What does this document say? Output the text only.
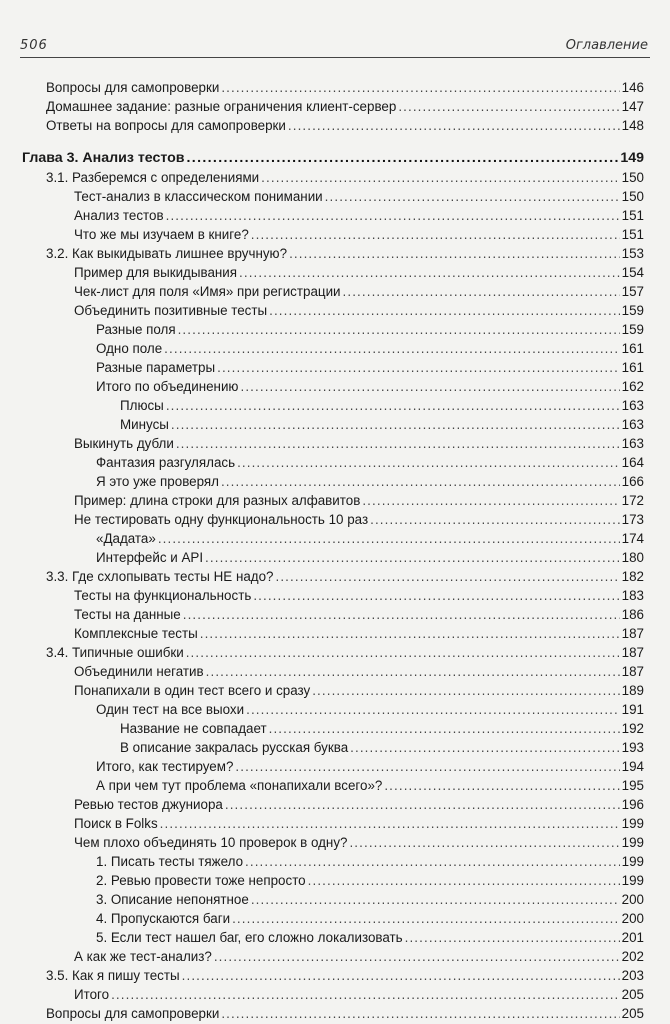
506	Оглавление
Вопросы для самопроверки . . .	146
Домашнее задание: разные ограничения клиент-сервер . . .	147
Ответы на вопросы для самопроверки . . .	148
Глава 3. Анализ тестов . . .	149
3.1. Разберемся с определениями . . .	150
Тест-анализ в классическом понимании . . .	150
Анализ тестов . . .	151
Что же мы изучаем в книге? . . .	151
3.2. Как выкидывать лишнее вручную? . . .	153
Пример для выкидывания . . .	154
Чек-лист для поля «Имя» при регистрации . . .	157
Объединить позитивные тесты . . .	159
Разные поля . . .	159
Одно поле . . .	161
Разные параметры . . .	161
Итого по объединению . . .	162
Плюсы . . .	163
Минусы . . .	163
Выкинуть дубли . . .	163
Фантазия разгулялась . . .	164
Я это уже проверял . . .	166
Пример: длина строки для разных алфавитов . . .	172
Не тестировать одну функциональность 10 раз . . .	173
«Дадата» . . .	174
Интерфейс и API . . .	180
3.3. Где схлопывать тесты НЕ надо? . . .	182
Тесты на функциональность . . .	183
Тесты на данные . . .	186
Комплексные тесты . . .	187
3.4. Типичные ошибки . . .	187
Объединили негатив . . .	187
Понапихали в один тест всего и сразу . . .	189
Один тест на все выохи . . .	191
Название не совпадает . . .	192
В описание закралась русская буква . . .	193
Итого, как тестируем? . . .	194
А при чем тут проблема «понапихали всего»? . . .	195
Ревью тестов джуниора . . .	196
Поиск в Folks . . .	199
Чем плохо объединять 10 проверок в одну? . . .	199
1. Писать тесты тяжело . . .	199
2. Ревью провести тоже непросто . . .	199
3. Описание непонятное . . .	200
4. Пропускаются баги . . .	200
5. Если тест нашел баг, его сложно локализовать . . .	201
А как же тест-анализ? . . .	202
3.5. Как я пишу тесты . . .	203
Итого . . .	205
Вопросы для самопроверки . . .	205
